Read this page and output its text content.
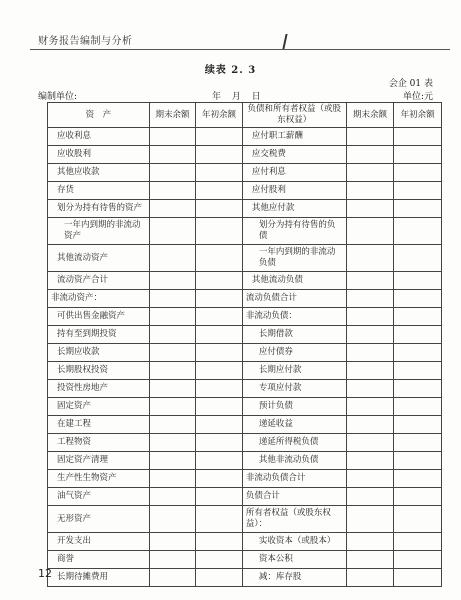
财务报告编制与分析
续表 2. 3
会企 01 表
编制单位:	年 月 日	单位:元
资　产	期末余额	年初余额	负债和所有者权益（或股东权益）	期末余额	年初余额
应收利息			应付职工薪酬		
应收股利			应交税费		
其他应收款			应付利息		
存货			应付股利		
划分为持有待售的资产			其他应付款		
一年内到期的非流动资产			划分为持有待售的负债		
其他流动资产			一年内到期的非流动负债		
流动资产合计			其他流动负债		
非流动资产：			流动负债合计		
可供出售金融资产			非流动负债：		
持有至到期投资			长期借款		
长期应收款			应付债券		
长期股权投资			长期应付款		
投资性房地产			专项应付款		
固定资产			预计负债		
在建工程			递延收益		
工程物资			递延所得税负债		
固定资产清理			其他非流动负债		
生产性生物资产			非流动负债合计		
油气资产			负债合计		
无形资产			所有者权益（或股东权益）：		
开发支出			实收资本（或股本）		
商誉			资本公积		
长期待摊费用			减：库存股		
12
